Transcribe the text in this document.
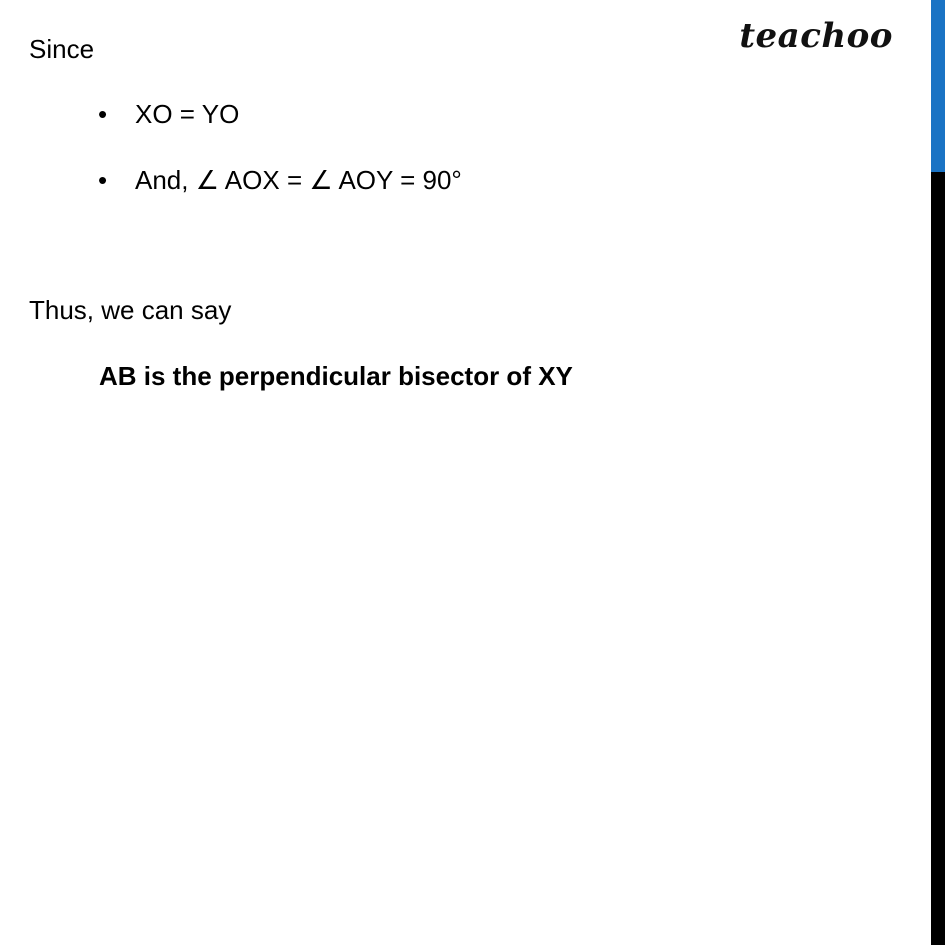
teachoo
Since
• XO = YO
• And, ∠ AOX = ∠ AOY = 90°
Thus, we can say
AB is the perpendicular bisector of XY
